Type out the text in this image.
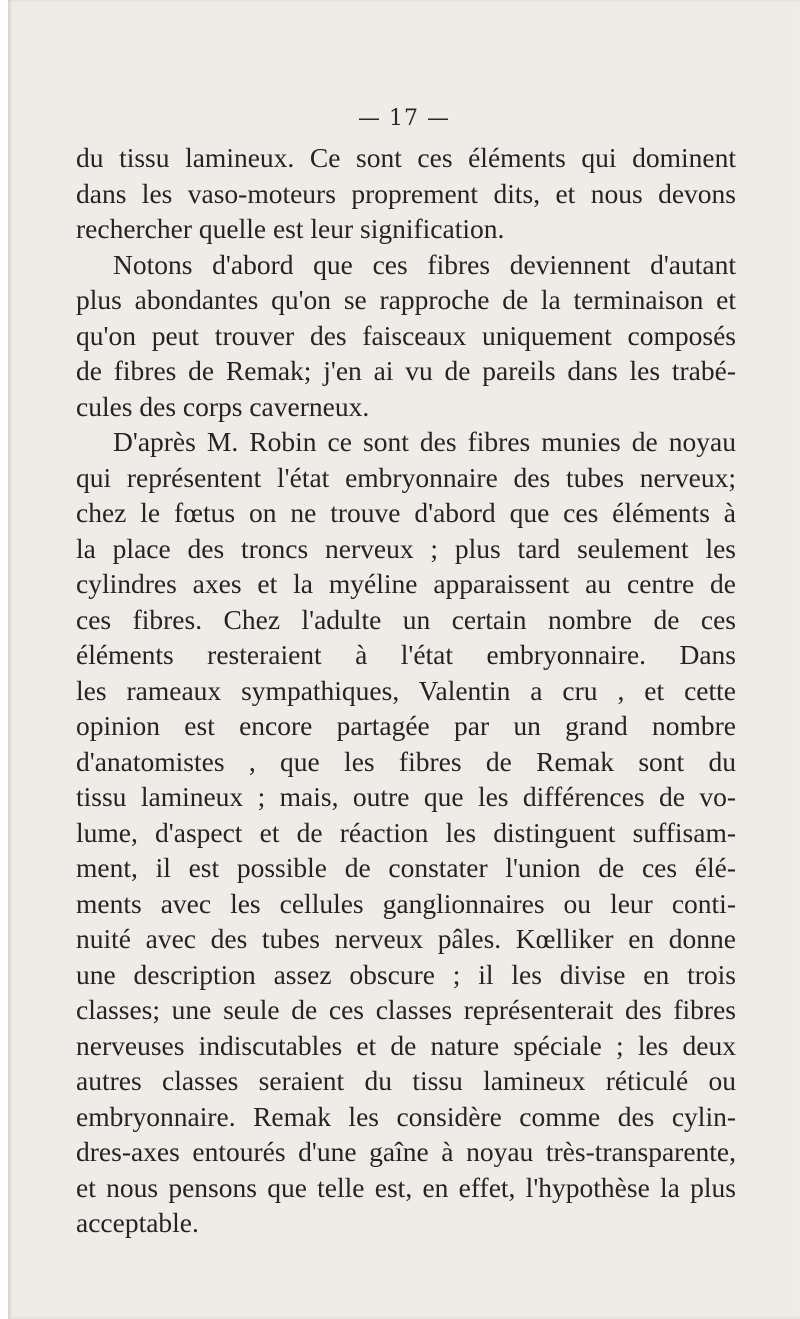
— 17 —
du tissu lamineux. Ce sont ces éléments qui dominent
dans les vaso-moteurs proprement dits, et nous devons
rechercher quelle est leur signification.
Notons d'abord que ces fibres deviennent d'autant
plus abondantes qu'on se rapproche de la terminaison et
qu'on peut trouver des faisceaux uniquement composés
de fibres de Remak; j'en ai vu de pareils dans les trabé-
cules des corps caverneux.
D'après M. Robin ce sont des fibres munies de noyau
qui représentent l'état embryonnaire des tubes nerveux;
chez le fœtus on ne trouve d'abord que ces éléments à
la place des troncs nerveux ; plus tard seulement les
cylindres axes et la myéline apparaissent au centre de
ces fibres. Chez l'adulte un certain nombre de ces
éléments resteraient à l'état embryonnaire. Dans
les rameaux sympathiques, Valentin a cru , et cette
opinion est encore partagée par un grand nombre
d'anatomistes , que les fibres de Remak sont du
tissu lamineux ; mais, outre que les différences de vo-
lume, d'aspect et de réaction les distinguent suffisam-
ment, il est possible de constater l'union de ces élé-
ments avec les cellules ganglionnaires ou leur conti-
nuité avec des tubes nerveux pâles. Kœlliker en donne
une description assez obscure ; il les divise en trois
classes; une seule de ces classes représenterait des fibres
nerveuses indiscutables et de nature spéciale ; les deux
autres classes seraient du tissu lamineux réticulé ou
embryonnaire. Remak les considère comme des cylin-
dres-axes entourés d'une gaîne à noyau très-transparente,
et nous pensons que telle est, en effet, l'hypothèse la plus
acceptable.
